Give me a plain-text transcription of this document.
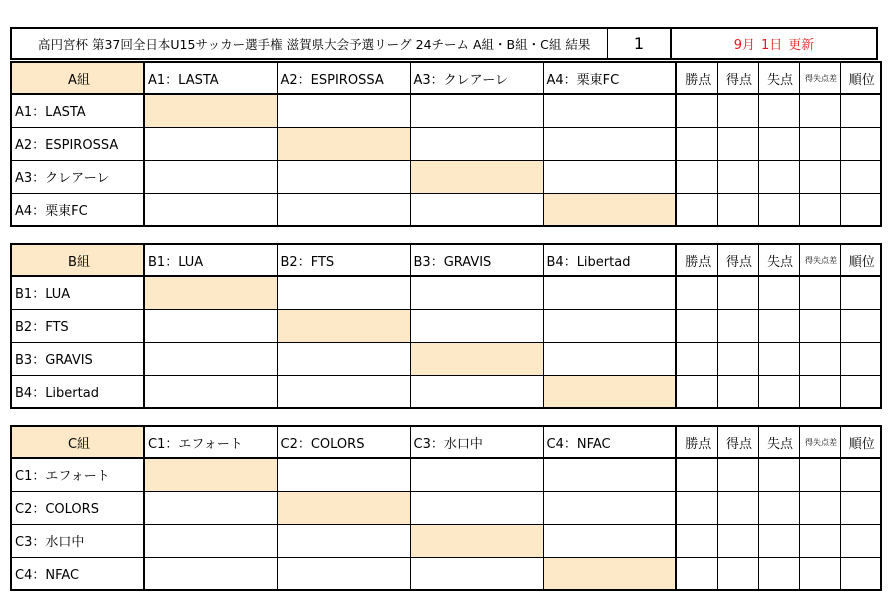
高円宮杯 第37回全日本U15サッカー選手権 滋賀県大会予選リーグ 24チーム A組・B組・C組 結果	1	9月 1日 更新
A組	A1：LASTA	A2：ESPIROSSA	A3：クレアーレ	A4：栗東FC	勝点	得点	失点	得失点差	順位
A1：LASTA									
A2：ESPIROSSA									
A3：クレアーレ									
A4：栗東FC									
B組	B1：LUA	B2：FTS	B3：GRAVIS	B4：Libertad	勝点	得点	失点	得失点差	順位
B1：LUA									
B2：FTS									
B3：GRAVIS									
B4：Libertad									
C組	C1：エフォート	C2：COLORS	C3：水口中	C4：NFAC	勝点	得点	失点	得失点差	順位
C1：エフォート									
C2：COLORS									
C3：水口中									
C4：NFAC									
